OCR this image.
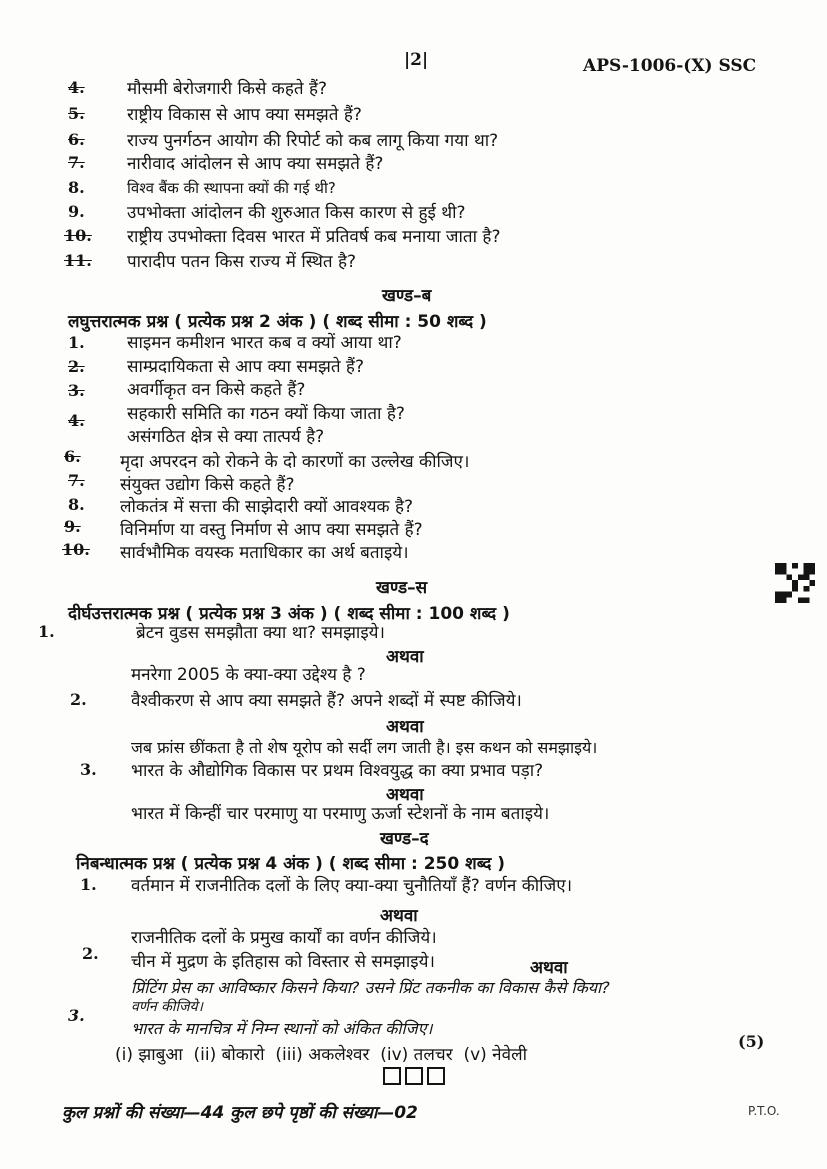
|2|	APS-1006-(X) SSC
4. मौसमी बेरोजगारी किसे कहते हैं?
5. राष्ट्रीय विकास से आप क्या समझते हैं?
6. राज्य पुनर्गठन आयोग की रिपोर्ट को कब लागू किया गया था?
7. नारीवाद आंदोलन से आप क्या समझते हैं?
8.	विश्व बैंक की स्थापना क्यों की गई थी?
9. उपभोक्ता आंदोलन की शुरुआत किस कारण से हुई थी?
10. राष्ट्रीय उपभोक्ता दिवस भारत में प्रतिवर्ष कब मनाया जाता है?
11. पारादीप पतन किस राज्य में स्थित है?
खण्ड–ब
लघुत्तरात्मक प्रश्न ( प्रत्येक प्रश्न 2 अंक ) ( शब्द सीमा : 50 शब्द )
1. साइमन कमीशन भारत कब व क्यों आया था?
2. साम्प्रदायिकता से आप क्या समझते हैं?
3. अवर्गीकृत वन किसे कहते हैं?
4. सहकारी समिति का गठन क्यों किया जाता है?
असंगठित क्षेत्र से क्या तात्पर्य है?
6. मृदा अपरदन को रोकने के दो कारणों का उल्लेख कीजिए।
7. संयुक्त उद्योग किसे कहते हैं?
8. लोकतंत्र में सत्ता की साझेदारी क्यों आवश्यक है?
9. विनिर्माण या वस्तु निर्माण से आप क्या समझते हैं?
10. सार्वभौमिक वयस्क मताधिकार का अर्थ बताइये।
खण्ड–स
दीर्घउत्तरात्मक प्रश्न ( प्रत्येक प्रश्न 3 अंक ) ( शब्द सीमा : 100 शब्द )
1.	ब्रेटन वुडस समझौता क्या था? समझाइये।
अथवा
मनरेगा 2005 के क्या-क्या उद्देश्य है ?
2.	वैश्वीकरण से आप क्या समझते हैं? अपने शब्दों में स्पष्ट कीजिये।
अथवा
जब फ्रांस छींकता है तो शेष यूरोप को सर्दी लग जाती है। इस कथन को समझाइये।
3. भारत के औद्योगिक विकास पर प्रथम विश्वयुद्ध का क्या प्रभाव पड़ा?
अथवा
भारत में किन्हीं चार परमाणु या परमाणु ऊर्जा स्टेशनों के नाम बताइये।
खण्ड–द
निबन्धात्मक प्रश्न ( प्रत्येक प्रश्न 4 अंक ) ( शब्द सीमा : 250 शब्द )
1. वर्तमान में राजनीतिक दलों के लिए क्या-क्या चुनौतियाँ हैं? वर्णन कीजिए।
अथवा
राजनीतिक दलों के प्रमुख कार्यों का वर्णन कीजिये।
2. चीन में मुद्रण के इतिहास को विस्तार से समझाइये।	अथवा
प्रिंटिंग प्रेस का आविष्कार किसने किया? उसने प्रिंट तकनीक का विकास कैसे किया?
वर्णन कीजिये।
3.
भारत के मानचित्र में निम्न स्थानों को अंकित कीजिए।
(i) झाबुआ  (ii) बोकारो  (iii) अकलेश्वर  (iv) तलचर  (v) नेवेली
(5)
कुल प्रश्नों की संख्या—44 कुल छपे पृष्ठों की संख्या—02	P.T.O.
